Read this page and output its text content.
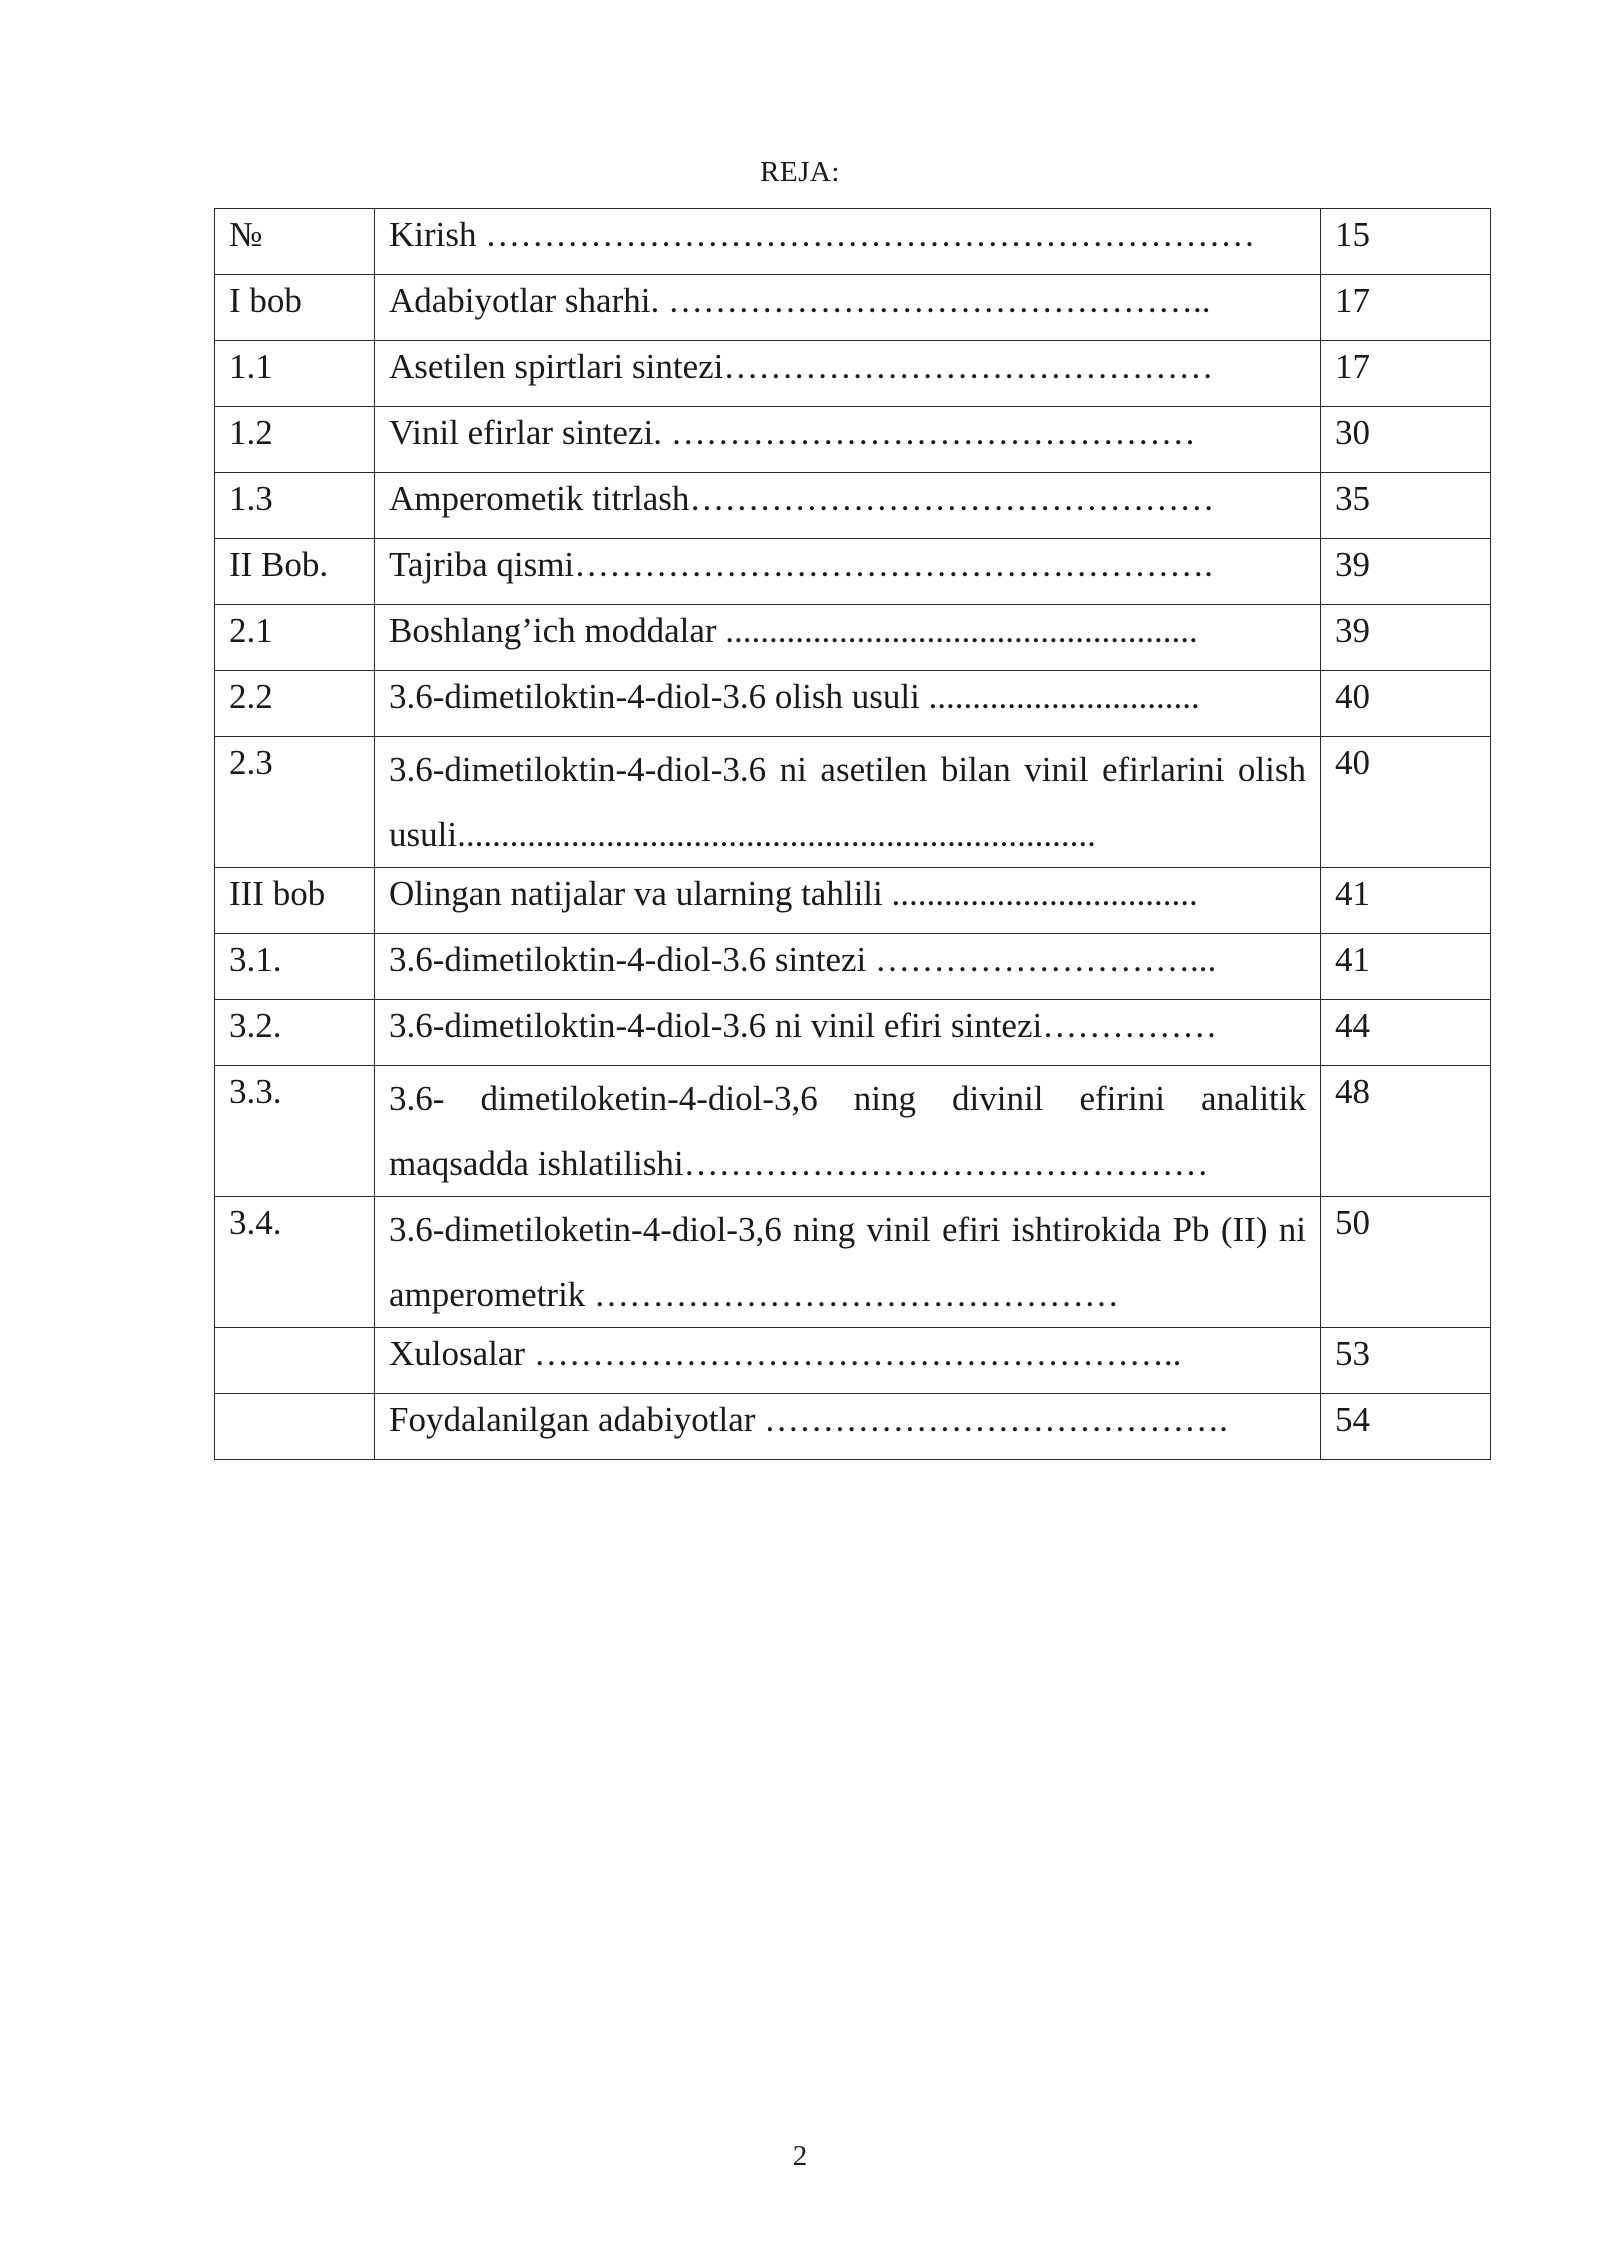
REJA:
№	Kirish …………………………………………………………	15
I bob	Adabiyotlar sharhi. ………………………………………..	17
1.1	Asetilen spirtlari sintezi……………………………………	17
1.2	Vinil efirlar sintezi. ………………………………………	30
1.3	Amperometik titrlash………………………………………	35
II Bob.	Tajriba qismi……………………………………………….	39
2.1	Boshlang’ich moddalar ......................................................	39
2.2	3.6-dimetiloktin-4-diol-3.6 olish usuli ...............................	40
2.3	3.6-dimetiloktin-4-diol-3.6 ni asetilen bilan vinil efirlarini olish usuli.........................................................................	40
III bob	Olingan natijalar va ularning tahlili ...................................	41
3.1.	3.6-dimetiloktin-4-diol-3.6 sintezi ………………………...	41
3.2.	3.6-dimetiloktin-4-diol-3.6 ni vinil efiri sintezi……………	44
3.3.	3.6- dimetiloketin-4-diol-3,6 ning divinil efirini analitik maqsadda ishlatilishi………………………………………	48
3.4.	3.6-dimetiloketin-4-diol-3,6 ning vinil efiri ishtirokida Pb (II) ni amperometrik ………………………………………	50
	Xulosalar ………………………………………………..	53
	Foydalanilgan adabiyotlar ………………………………….	54
2
